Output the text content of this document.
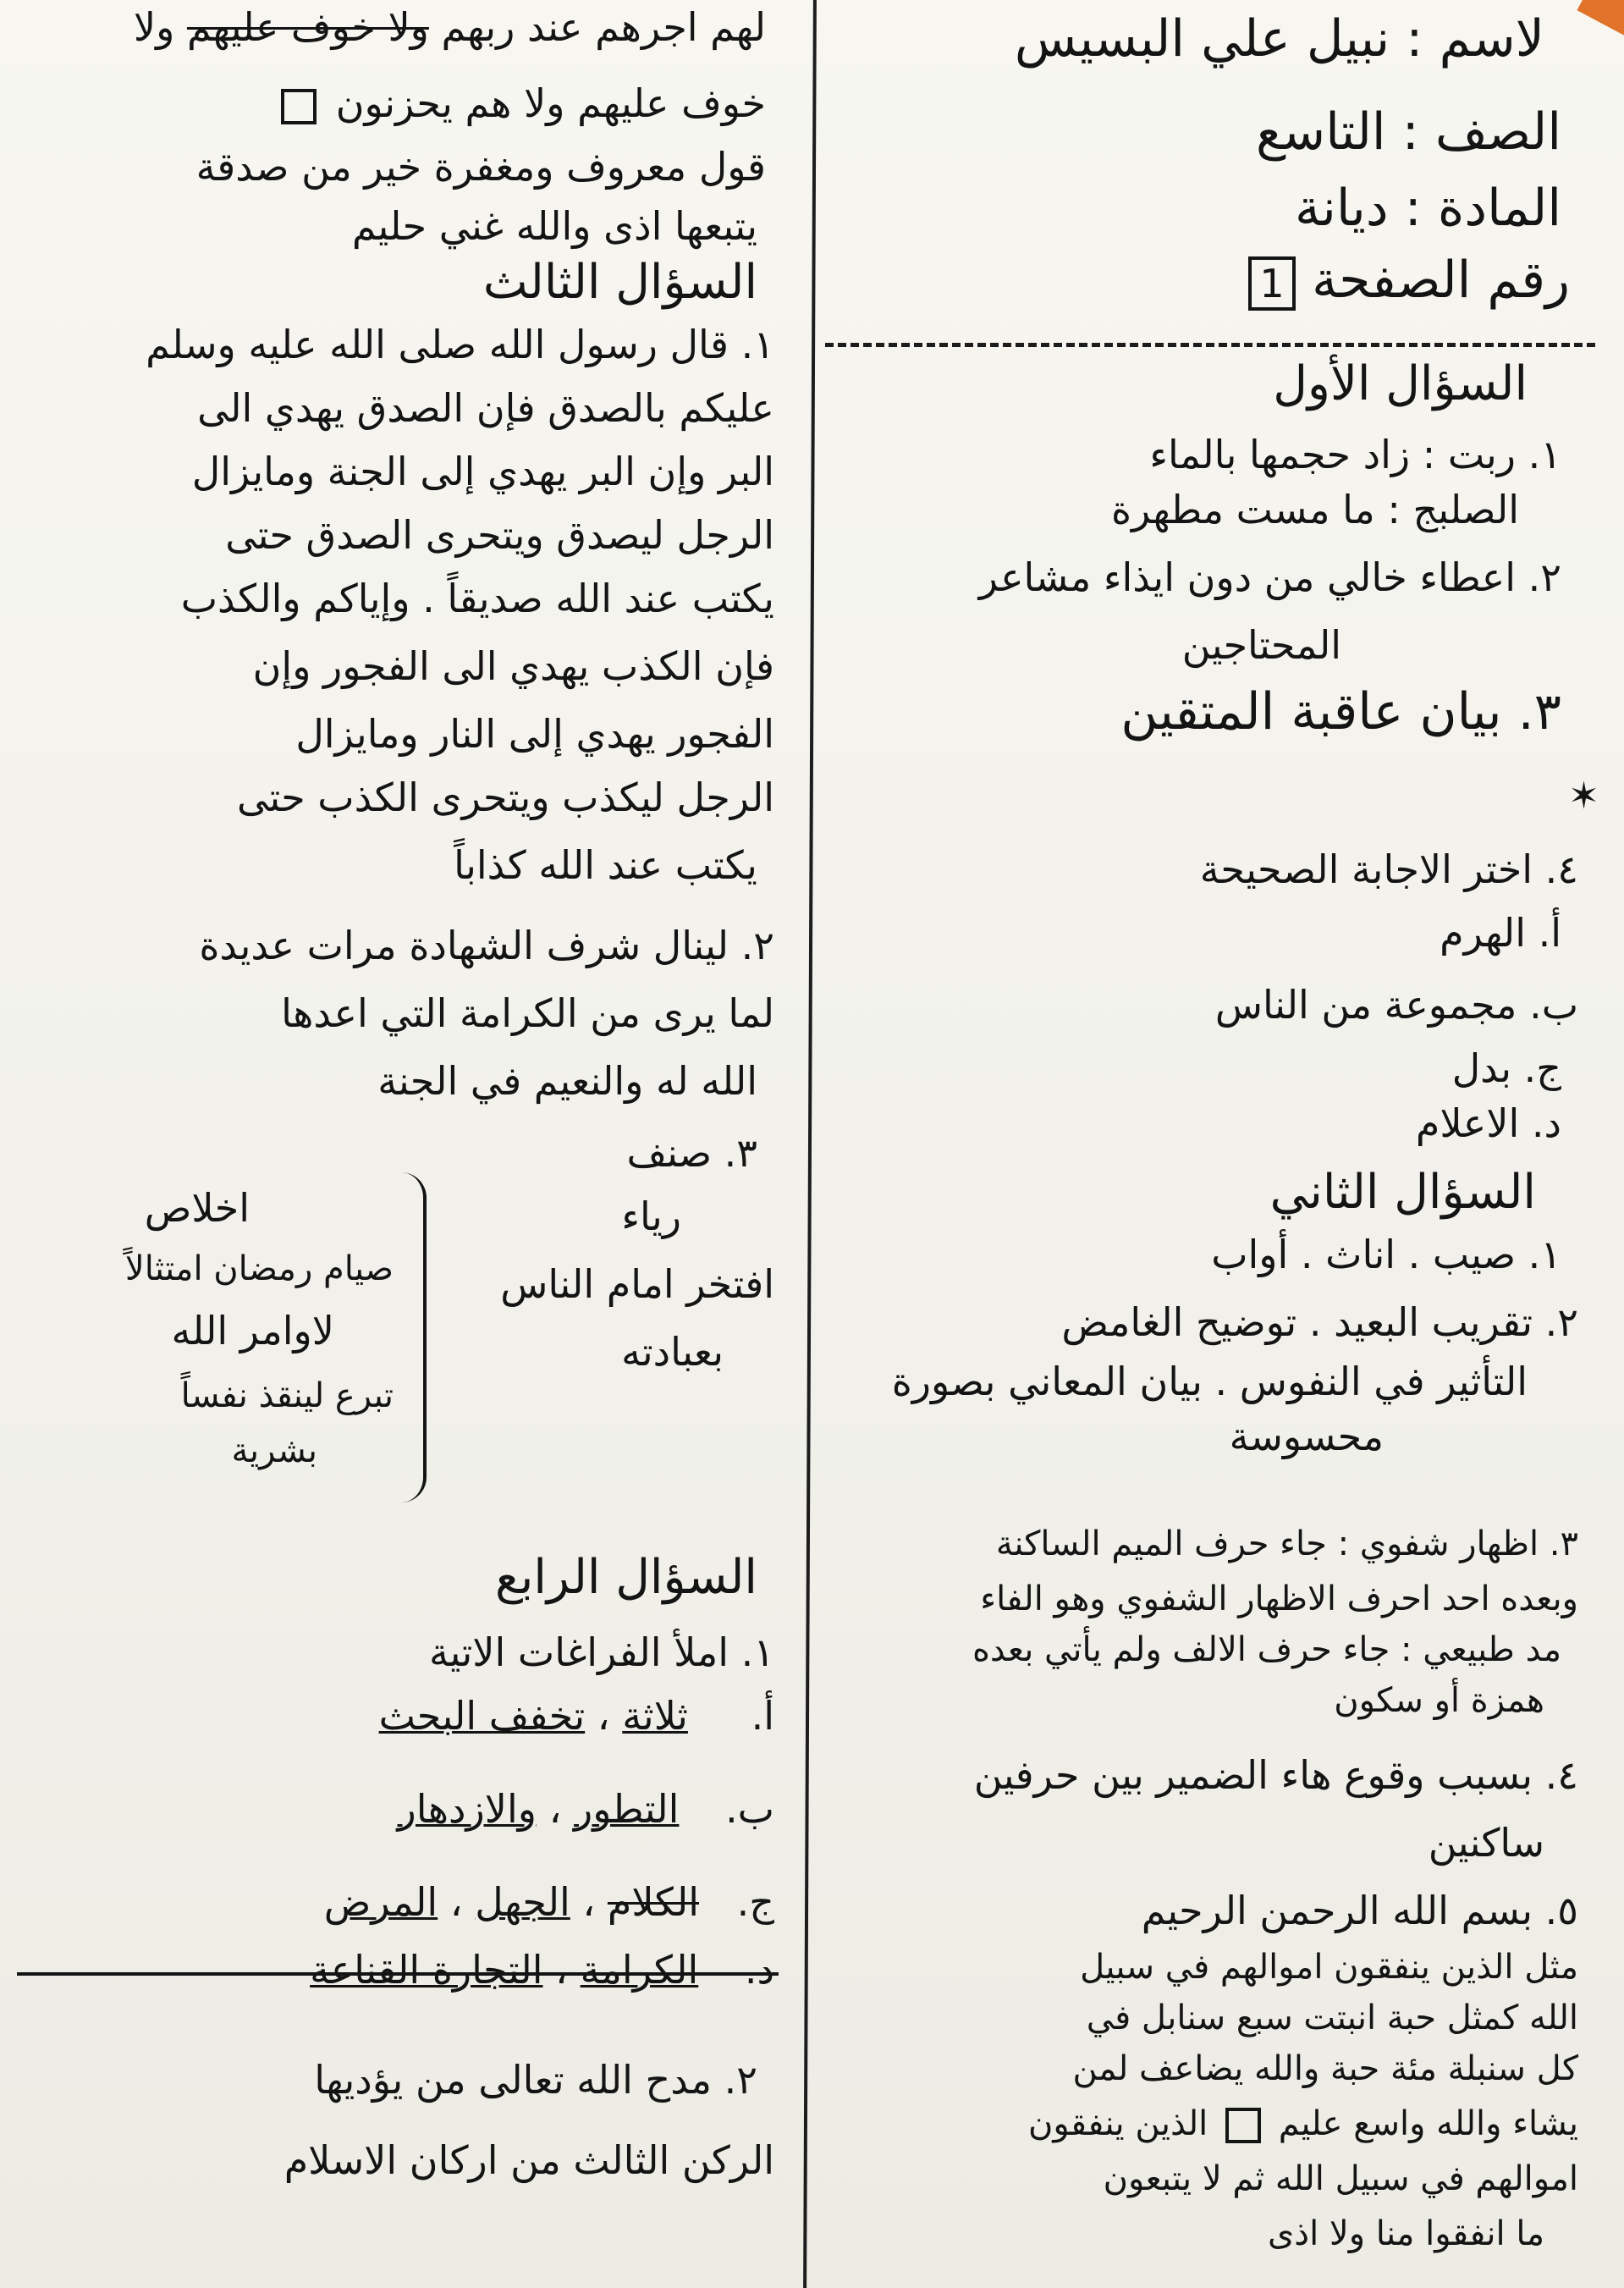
لاسم : نبيل علي البسيس
الصف : التاسع
المادة : ديانة
رقم الصفحة 1
السؤال الأول
١. ربت : زاد حجمها بالماء
الصلبج : ما مست مطهرة
٢. اعطاء خالي من دون ايذاء مشاعر
المحتاجين
٣. بيان عاقبة المتقين
✶
٤. اختر الاجابة الصحيحة
أ. الهرم
ب. مجموعة من الناس
ج. بدل
د. الاعلام
السؤال الثاني
١. صيب . اناث . أواب
٢. تقريب البعيد . توضيح الغامض
التأثير في النفوس . بيان المعاني بصورة
محسوسة
٣. اظهار شفوي : جاء حرف الميم الساكنة
وبعده احد احرف الاظهار الشفوي وهو الفاء
مد طبيعي : جاء حرف الالف ولم يأتي بعده
همزة أو سكون
٤. بسبب وقوع هاء الضمير بين حرفين
ساكنين
٥. بسم الله الرحمن الرحيم
مثل الذين ينفقون اموالهم في سبيل
الله كمثل حبة انبتت سبع سنابل في
كل سنبلة مئة حبة والله يضاعف لمن
يشاء والله واسع عليم  الذين ينفقون
اموالهم في سبيل الله ثم لا يتبعون
ما انفقوا منا ولا اذى
لهم اجرهم عند ربهم ولا خوف عليهم ولا
خوف عليهم ولا هم يحزنون
قول معروف ومغفرة خير من صدقة
يتبعها اذى والله غني حليم
السؤال الثالث
١. قال رسول الله صلى الله عليه وسلم
عليكم بالصدق فإن الصدق يهدي الى
البر وإن البر يهدي إلى الجنة ومايزال
الرجل ليصدق ويتحرى الصدق حتى
يكتب عند الله صديقاً . وإياكم والكذب
فإن الكذب يهدي الى الفجور وإن
الفجور يهدي إلى النار ومايزال
الرجل ليكذب ويتحرى الكذب حتى
يكتب عند الله كذاباً
٢. لينال شرف الشهادة مرات عديدة
لما يرى من الكرامة التي اعدها
الله له والنعيم في الجنة
٣. صنف
رياء
افتخر امام الناس
بعبادته
اخلاص
صيام رمضان امتثالاً
لاوامر الله
تبرع لينقذ نفساً
بشرية
السؤال الرابع
١. املأ الفراغات الاتية
أ. ثلاثة ، تخفف البحث
ب. التطور ، والازدهار
ج. الكلام ، الجهل ، المرض
د. الكرامة ، التجارة القناعة
٢. مدح الله تعالى من يؤديها
الركن الثالث من اركان الاسلام
